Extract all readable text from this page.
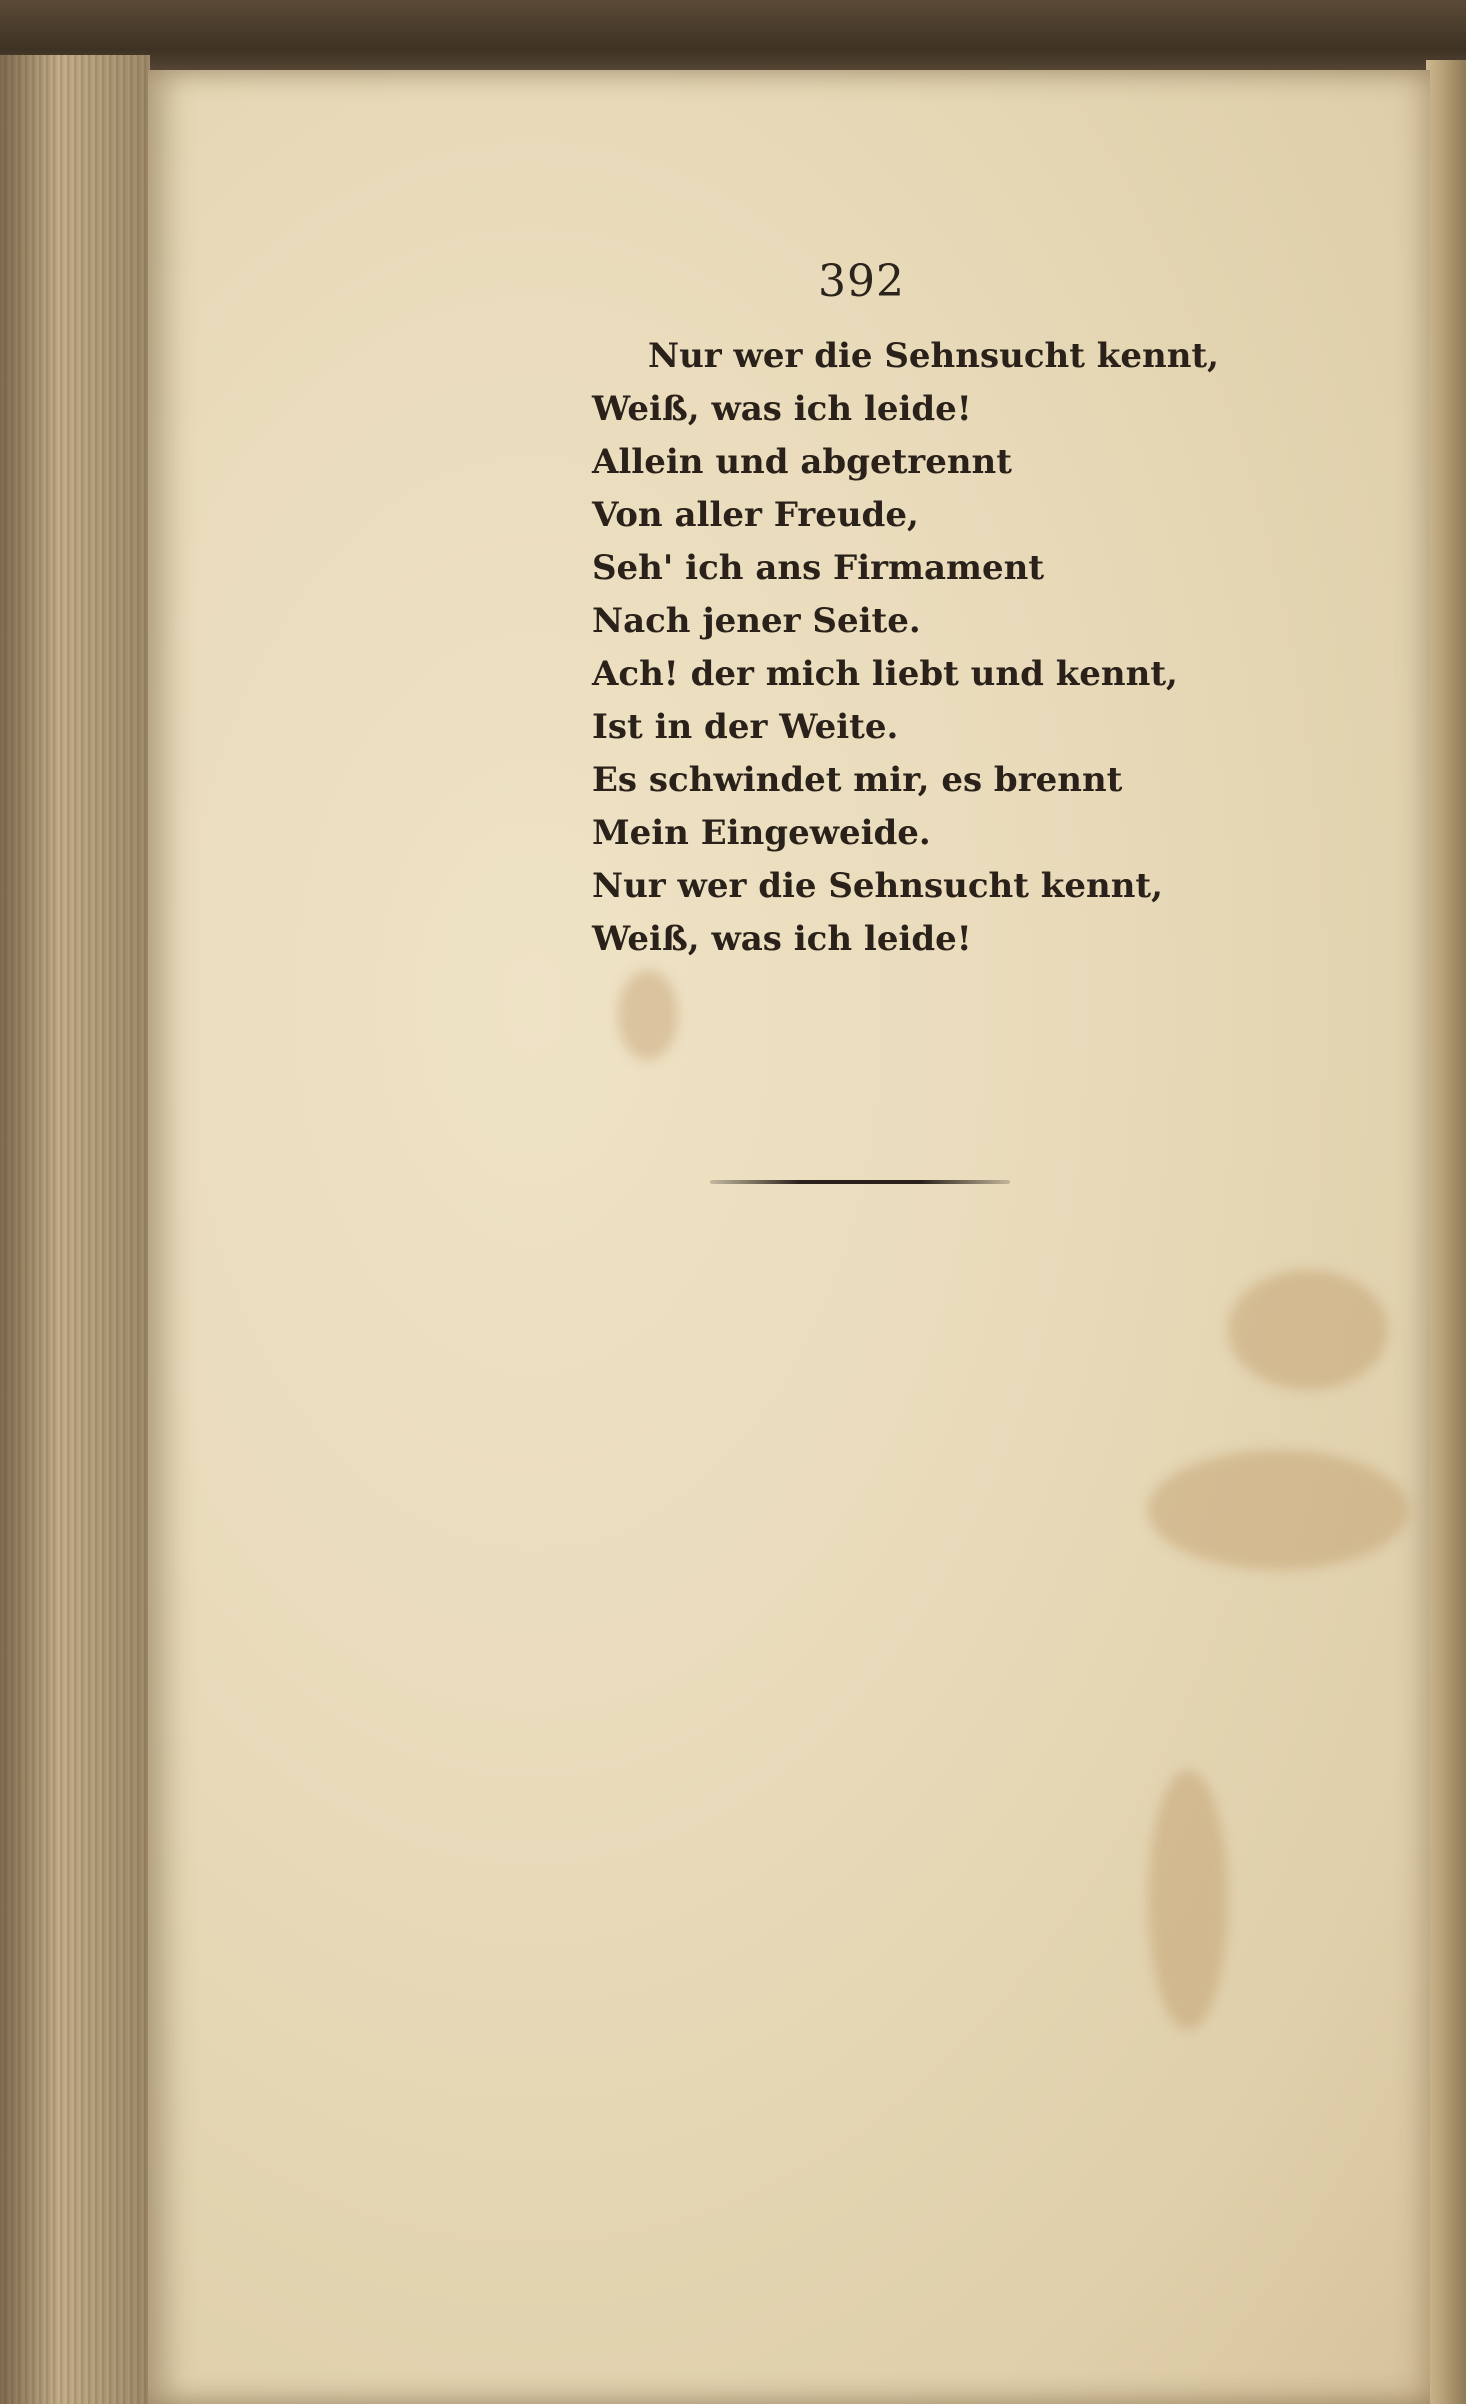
392
Nur wer die Sehnsucht kennt,
Weiß, was ich leide!
Allein und abgetrennt
Von aller Freude,
Seh' ich ans Firmament
Nach jener Seite.
Ach! der mich liebt und kennt,
Ist in der Weite.
Es schwindet mir, es brennt
Mein Eingeweide.
Nur wer die Sehnsucht kennt,
Weiß, was ich leide!
